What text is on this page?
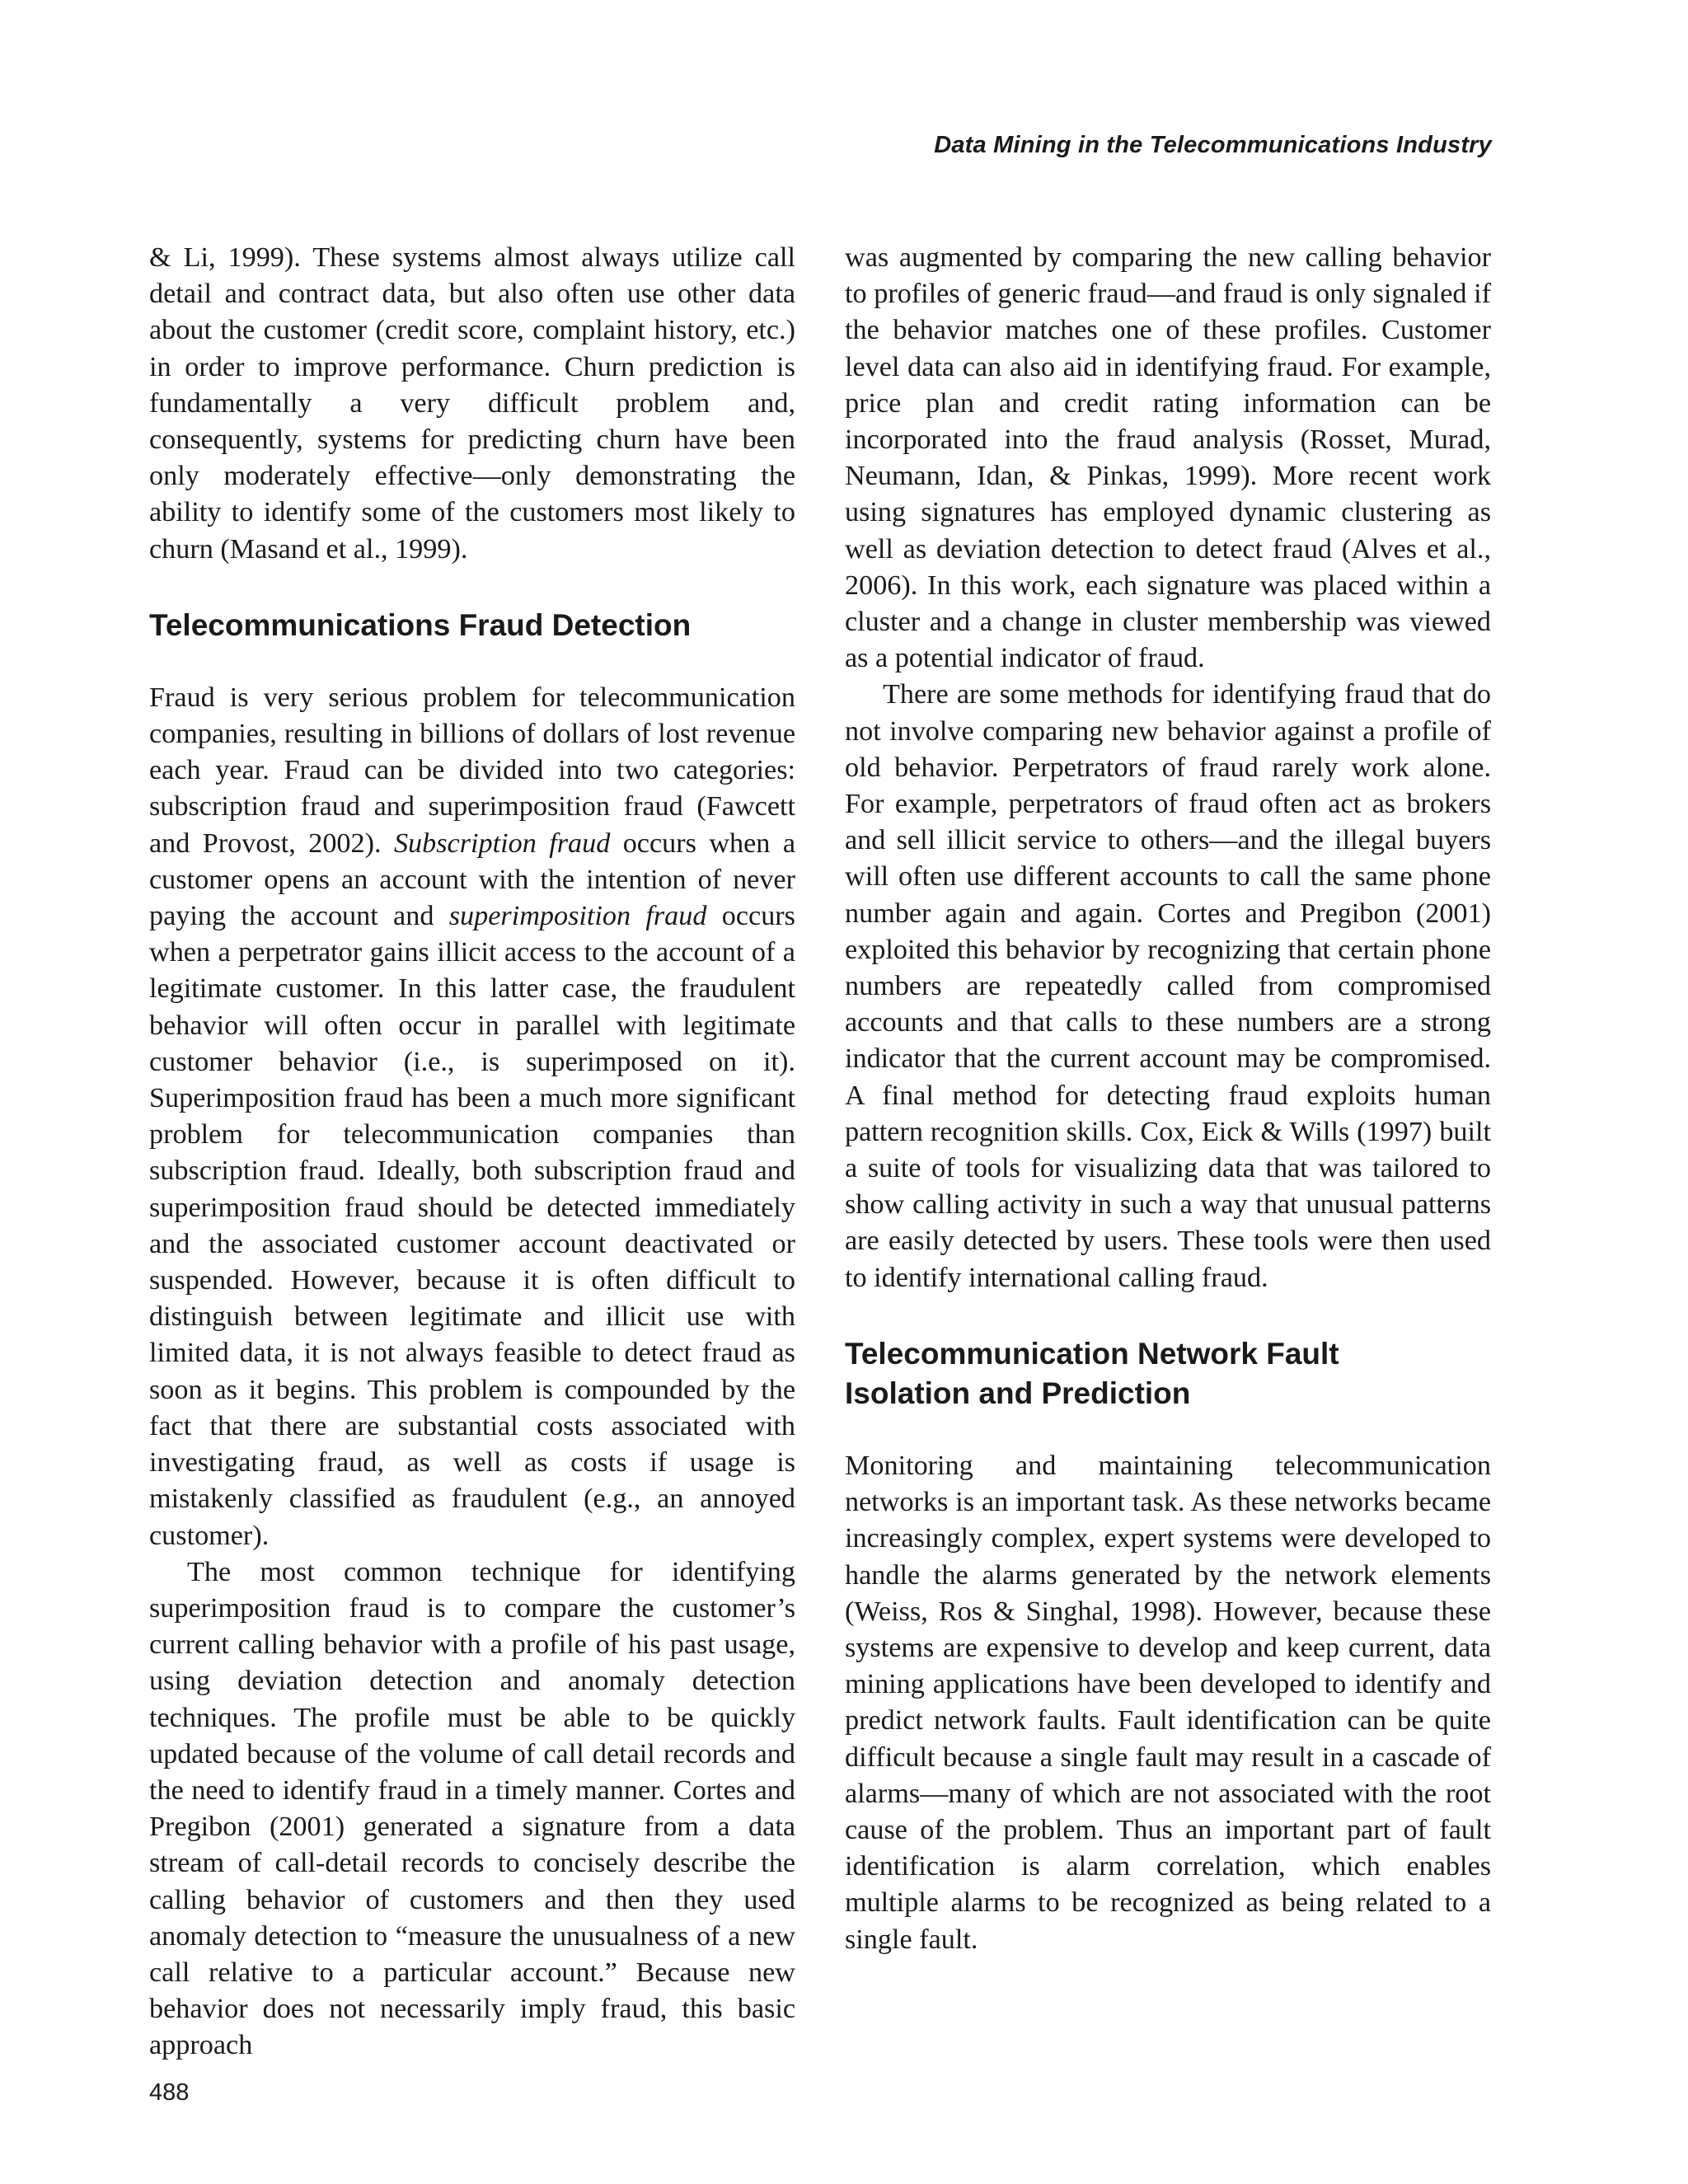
Data Mining in the Telecommunications Industry

& Li, 1999). These systems almost always utilize call detail and contract data, but also often use other data about the customer (credit score, complaint history, etc.) in order to improve performance. Churn prediction is fundamentally a very difficult problem and, consequently, systems for predicting churn have been only moderately effective—only demonstrating the ability to identify some of the customers most likely to churn (Masand et al., 1999).

Telecommunications Fraud Detection

Fraud is very serious problem for telecommunication companies, resulting in billions of dollars of lost revenue each year. Fraud can be divided into two categories: subscription fraud and superimposition fraud (Fawcett and Provost, 2002). Subscription fraud occurs when a customer opens an account with the intention of never paying the account and superimposition fraud occurs when a perpetrator gains illicit access to the account of a legitimate customer. In this latter case, the fraudulent behavior will often occur in parallel with legitimate customer behavior (i.e., is superimposed on it). Superimposition fraud has been a much more significant problem for telecommunication companies than subscription fraud. Ideally, both subscription fraud and superimposition fraud should be detected immediately and the associated customer account deactivated or suspended. However, because it is often difficult to distinguish between legitimate and illicit use with limited data, it is not always feasible to detect fraud as soon as it begins. This problem is compounded by the fact that there are substantial costs associated with investigating fraud, as well as costs if usage is mistakenly classified as fraudulent (e.g., an annoyed customer).

The most common technique for identifying superimposition fraud is to compare the customer’s current calling behavior with a profile of his past usage, using deviation detection and anomaly detection techniques. The profile must be able to be quickly updated because of the volume of call detail records and the need to identify fraud in a timely manner. Cortes and Pregibon (2001) generated a signature from a data stream of call-detail records to concisely describe the calling behavior of customers and then they used anomaly detection to “measure the unusualness of a new call relative to a particular account.” Because new behavior does not necessarily imply fraud, this basic approach

was augmented by comparing the new calling behavior to profiles of generic fraud—and fraud is only signaled if the behavior matches one of these profiles. Customer level data can also aid in identifying fraud. For example, price plan and credit rating information can be incorporated into the fraud analysis (Rosset, Murad, Neumann, Idan, & Pinkas, 1999). More recent work using signatures has employed dynamic clustering as well as deviation detection to detect fraud (Alves et al., 2006). In this work, each signature was placed within a cluster and a change in cluster membership was viewed as a potential indicator of fraud.

There are some methods for identifying fraud that do not involve comparing new behavior against a profile of old behavior. Perpetrators of fraud rarely work alone. For example, perpetrators of fraud often act as brokers and sell illicit service to others—and the illegal buyers will often use different accounts to call the same phone number again and again. Cortes and Pregibon (2001) exploited this behavior by recognizing that certain phone numbers are repeatedly called from compromised accounts and that calls to these numbers are a strong indicator that the current account may be compromised. A final method for detecting fraud exploits human pattern recognition skills. Cox, Eick & Wills (1997) built a suite of tools for visualizing data that was tailored to show calling activity in such a way that unusual patterns are easily detected by users. These tools were then used to identify international calling fraud.

Telecommunication Network Fault
Isolation and Prediction

Monitoring and maintaining telecommunication networks is an important task. As these networks became increasingly complex, expert systems were developed to handle the alarms generated by the network elements (Weiss, Ros & Singhal, 1998). However, because these systems are expensive to develop and keep current, data mining applications have been developed to identify and predict network faults. Fault identification can be quite difficult because a single fault may result in a cascade of alarms—many of which are not associated with the root cause of the problem. Thus an important part of fault identification is alarm correlation, which enables multiple alarms to be recognized as being related to a single fault.

488
